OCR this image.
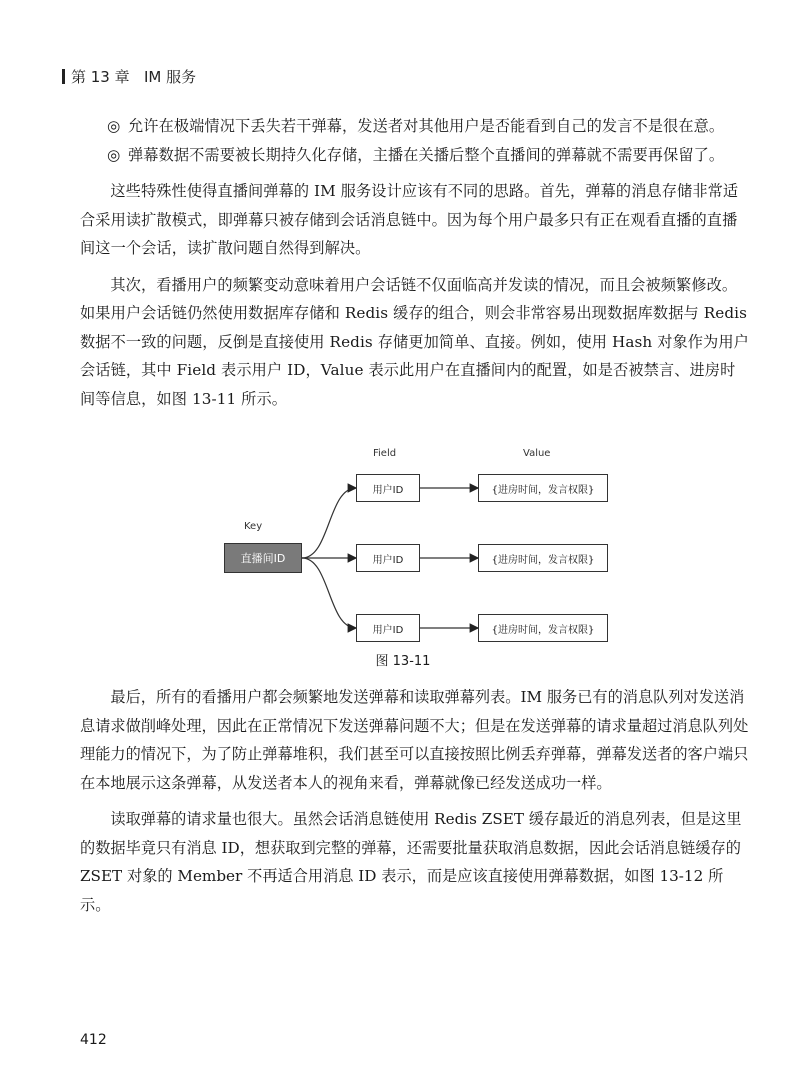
第 13 章 IM 服务
◎ 允许在极端情况下丢失若干弹幕，发送者对其他用户是否能看到自己的发言不是很在意。
◎ 弹幕数据不需要被长期持久化存储，主播在关播后整个直播间的弹幕就不需要再保留了。

这些特殊性使得直播间弹幕的 IM 服务设计应该有不同的思路。首先，弹幕的消息存储非常适合采用读扩散模式，即弹幕只被存储到会话消息链中。因为每个用户最多只有正在观看直播的直播间这一个会话，读扩散问题自然得到解决。

其次，看播用户的频繁变动意味着用户会话链不仅面临高并发读的情况，而且会被频繁修改。如果用户会话链仍然使用数据库存储和 Redis 缓存的组合，则会非常容易出现数据库数据与 Redis 数据不一致的问题，反倒是直接使用 Redis 存储更加简单、直接。例如，使用 Hash 对象作为用户会话链，其中 Field 表示用户 ID，Value 表示此用户在直播间内的配置，如是否被禁言、进房时间等信息，如图 13-11 所示。

Field	Value
Key
直播间ID
用户ID
用户ID
用户ID
{进房时间，发言权限}
{进房时间，发言权限}
{进房时间，发言权限}
图 13-11

最后，所有的看播用户都会频繁地发送弹幕和读取弹幕列表。IM 服务已有的消息队列对发送消息请求做削峰处理，因此在正常情况下发送弹幕问题不大；但是在发送弹幕的请求量超过消息队列处理能力的情况下，为了防止弹幕堆积，我们甚至可以直接按照比例丢弃弹幕，弹幕发送者的客户端只在本地展示这条弹幕，从发送者本人的视角来看，弹幕就像已经发送成功一样。

读取弹幕的请求量也很大。虽然会话消息链使用 Redis ZSET 缓存最近的消息列表，但是这里的数据毕竟只有消息 ID，想获取到完整的弹幕，还需要批量获取消息数据，因此会话消息链缓存的 ZSET 对象的 Member 不再适合用消息 ID 表示，而是应该直接使用弹幕数据，如图 13-12 所示。

412
